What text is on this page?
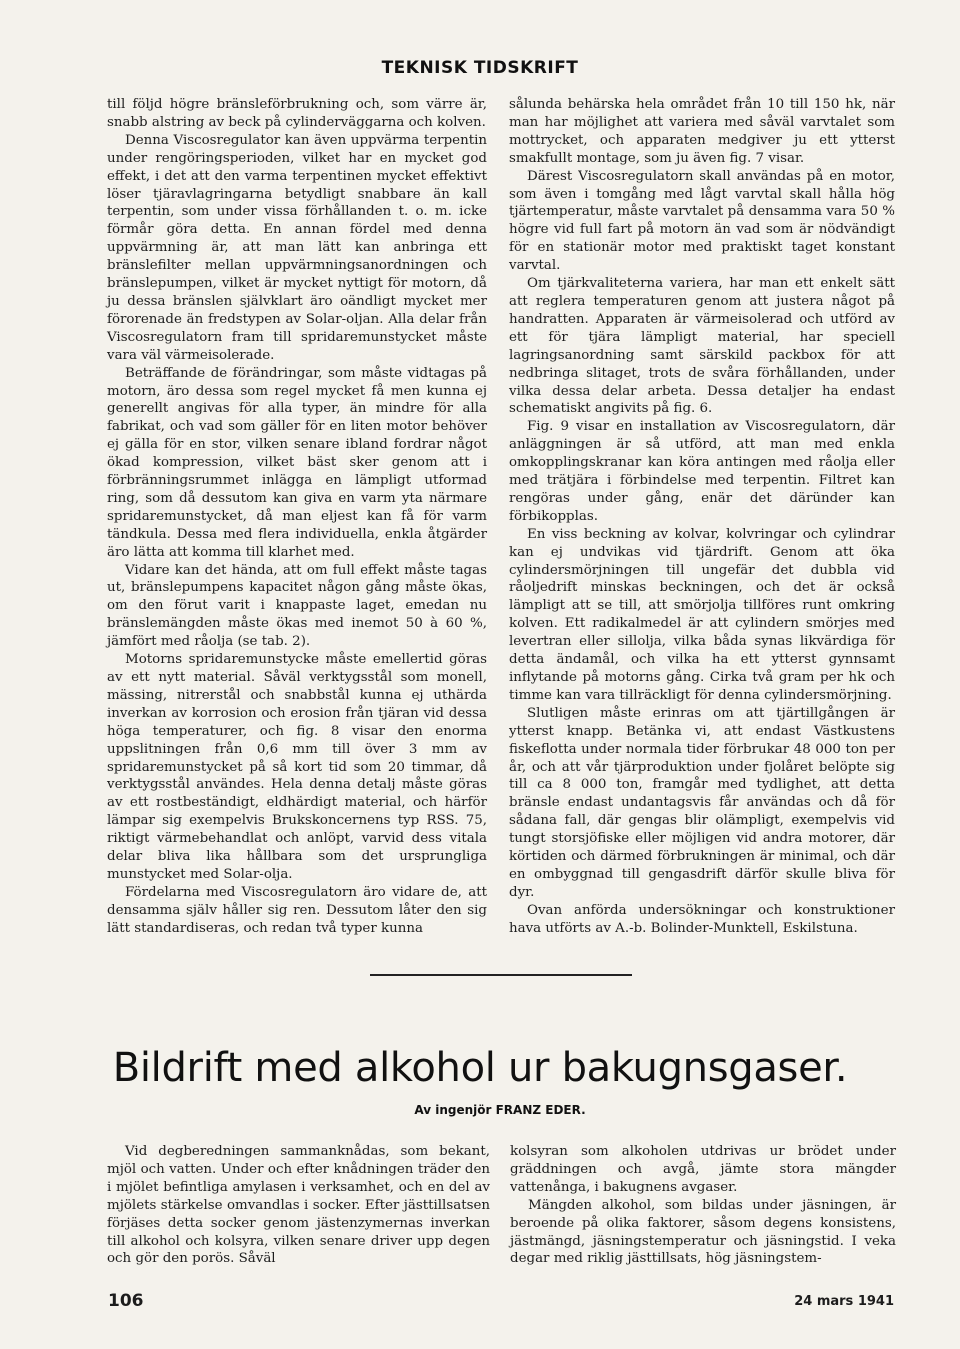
TEKNISK TIDSKRIFT

till följd högre bränsleförbrukning och, som värre är, snabb alstring av beck på cylinderväggarna och kolven.

Denna Viscosregulator kan även uppvärma terpentin under rengöringsperioden, vilket har en mycket god effekt, i det att den varma terpentinen mycket effektivt löser tjäravlagringarna betydligt snabbare än kall terpentin, som under vissa förhållanden t. o. m. icke förmår göra detta. En annan fördel med denna uppvärmning är, att man lätt kan anbringa ett bränslefilter mellan uppvärmningsanordningen och bränslepumpen, vilket är mycket nyttigt för motorn, då ju dessa bränslen självklart äro oändligt mycket mer förorenade än fredstypen av Solar-oljan. Alla delar från Viscosregulatorn fram till spridaremunstycket måste vara väl värmeisolerade.

Beträffande de förändringar, som måste vidtagas på motorn, äro dessa som regel mycket få men kunna ej generellt angivas för alla typer, än mindre för alla fabrikat, och vad som gäller för en liten motor behöver ej gälla för en stor, vilken senare ibland fordrar något ökad kompression, vilket bäst sker genom att i förbränningsrummet inlägga en lämpligt utformad ring, som då dessutom kan giva en varm yta närmare spridaremunstycket, då man eljest kan få för varm tändkula. Dessa med flera individuella, enkla åtgärder äro lätta att komma till klarhet med.

Vidare kan det hända, att om full effekt måste tagas ut, bränslepumpens kapacitet någon gång måste ökas, om den förut varit i knappaste laget, emedan nu bränslemängden måste ökas med inemot 50 à 60 %, jämfört med råolja (se tab. 2).

Motorns spridaremunstycke måste emellertid göras av ett nytt material. Såväl verktygsstål som monell, mässing, nitrerstål och snabbstål kunna ej uthärda inverkan av korrosion och erosion från tjäran vid dessa höga temperaturer, och fig. 8 visar den enorma uppslitningen från 0,6 mm till över 3 mm av spridaremunstycket på så kort tid som 20 timmar, då verktygsstål användes. Hela denna detalj måste göras av ett rostbeständigt, eldhärdigt material, och härför lämpar sig exempelvis Brukskoncernens typ RSS. 75, riktigt värmebehandlat och anlöpt, varvid dess vitala delar bliva lika hållbara som det ursprungliga munstycket med Solar-olja.

Fördelarna med Viscosregulatorn äro vidare de, att densamma själv håller sig ren. Dessutom låter den sig lätt standardiseras, och redan två typer kunna

sålunda behärska hela området från 10 till 150 hk, när man har möjlighet att variera med såväl varvtalet som mottrycket, och apparaten medgiver ju ett ytterst smakfullt montage, som ju även fig. 7 visar.

Därest Viscosregulatorn skall användas på en motor, som även i tomgång med lågt varvtal skall hålla hög tjärtemperatur, måste varvtalet på densamma vara 50 % högre vid full fart på motorn än vad som är nödvändigt för en stationär motor med praktiskt taget konstant varvtal.

Om tjärkvaliteterna variera, har man ett enkelt sätt att reglera temperaturen genom att justera något på handratten. Apparaten är värmeisolerad och utförd av ett för tjära lämpligt material, har speciell lagringsanordning samt särskild packbox för att nedbringa slitaget, trots de svåra förhållanden, under vilka dessa delar arbeta. Dessa detaljer ha endast schematiskt angivits på fig. 6.

Fig. 9 visar en installation av Viscosregulatorn, där anläggningen är så utförd, att man med enkla omkopplingskranar kan köra antingen med råolja eller med trätjära i förbindelse med terpentin. Filtret kan rengöras under gång, enär det däründer kan förbikopplas.

En viss beckning av kolvar, kolvringar och cylindrar kan ej undvikas vid tjärdrift. Genom att öka cylindersmörjningen till ungefär det dubbla vid råoljedrift minskas beckningen, och det är också lämpligt att se till, att smörjolja tillföres runt omkring kolven. Ett radikalmedel är att cylindern smörjes med levertran eller sillolja, vilka båda synas likvärdiga för detta ändamål, och vilka ha ett ytterst gynnsamt inflytande på motorns gång. Cirka två gram per hk och timme kan vara tillräckligt för denna cylindersmörjning.

Slutligen måste erinras om att tjärtillgången är ytterst knapp. Betänka vi, att endast Västkustens fiskeflotta under normala tider förbrukar 48 000 ton per år, och att vår tjärproduktion under fjolåret belöpte sig till ca 8 000 ton, framgår med tydlighet, att detta bränsle endast undantagsvis får användas och då för sådana fall, där gengas blir olämpligt, exempelvis vid tungt storsjöfiske eller möjligen vid andra motorer, där körtiden och därmed förbrukningen är minimal, och där en ombyggnad till gengasdrift därför skulle bliva för dyr.

Ovan anförda undersökningar och konstruktioner hava utförts av A.-b. Bolinder-Munktell, Eskilstuna.

Bildrift med alkohol ur bakugnsgaser.
Av ingenjör FRANZ EDER.

Vid degberedningen sammanknådas, som bekant, mjöl och vatten. Under och efter knådningen träder den i mjölet befintliga amylasen i verksamhet, och en del av mjölets stärkelse omvandlas i socker. Efter jästtillsatsen förjäses detta socker genom jästenzymernas inverkan till alkohol och kolsyra, vilken senare driver upp degen och gör den porös. Såväl

kolsyran som alkoholen utdrivas ur brödet under gräddningen och avgå, jämte stora mängder vattenånga, i bakugnens avgaser.

Mängden alkohol, som bildas under jäsningen, är beroende på olika faktorer, såsom degens konsistens, jästmängd, jäsningstemperatur och jäsningstid. I veka degar med riklig jästtillsats, hög jäsningstem-

106	24 mars 1941
